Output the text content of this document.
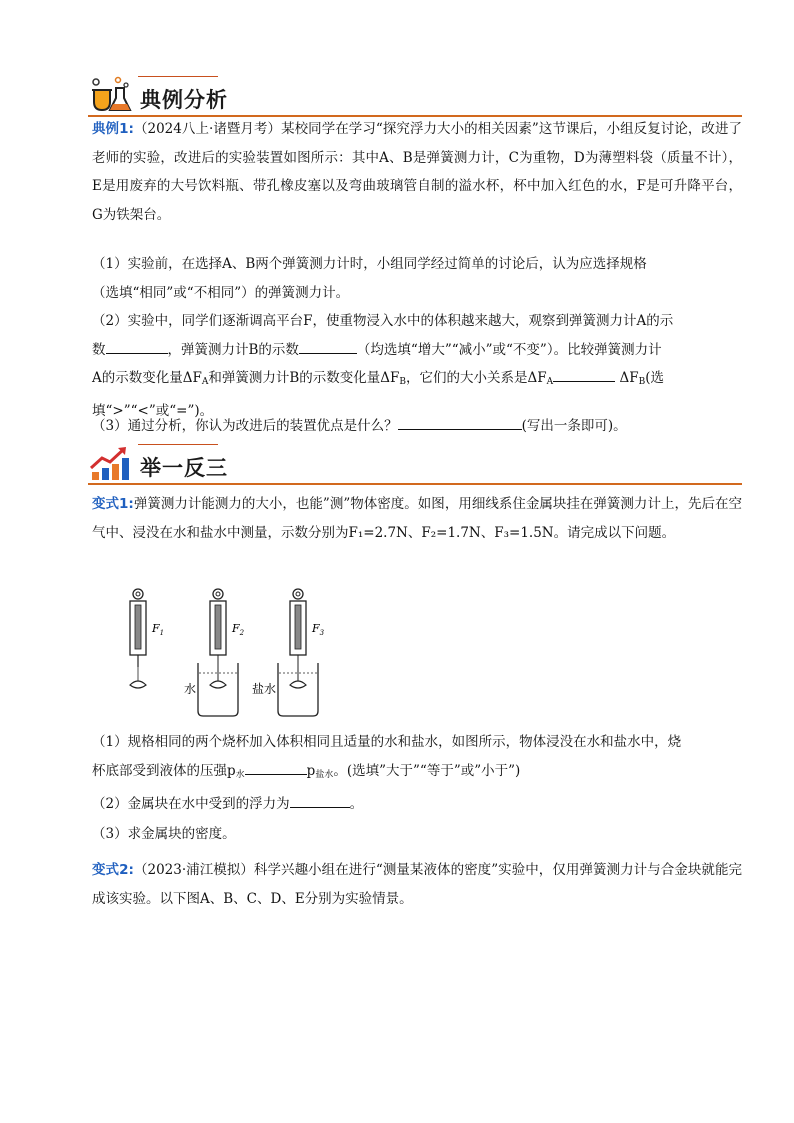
典例分析
典例1:（2024八上·诸暨月考）某校同学在学习“探究浮力大小的相关因素”这节课后，小组反复讨论，改进了老师的实验，改进后的实验装置如图所示：其中A、B是弹簧测力计，C为重物，D为薄塑料袋（质量不计），E是用废弃的大号饮料瓶、带孔橡皮塞以及弯曲玻璃管自制的溢水杯，杯中加入红色的水，F是可升降平台，G为铁架台。
（1）实验前，在选择A、B两个弹簧测力计时，小组同学经过简单的讨论后，认为应选择规格
（选填“相同”或“不相同”）的弹簧测力计。
（2）实验中，同学们逐渐调高平台F，使重物浸入水中的体积越来越大，观察到弹簧测力计A的示
数	，弹簧测力计B的示数	（均选填“增大”“减小”或“不变”）。比较弹簧测力计
A的示数变化量$\Delta F_A$和弹簧测力计B的示数变化量$\Delta F_B$，它们的大小关系是$\Delta F_A$	$\Delta F_B$(选
填“>”“<”或“=”)。
（3）通过分析，你认为改进后的装置优点是什么？	(写出一条即可)。
举一反三
变式1:弹簧测力计能测力的大小，也能”测”物体密度。如图，用细线系住金属块挂在弹簧测力计上，先后在空气中、浸没在水和盐水中测量，示数分别为F₁=2.7N、F₂=1.7N、F₃=1.5N。请完成以下问题。
$F_1$	$F_2$
水
$F_3$
盐水
（1）规格相同的两个烧杯加入体积相同且适量的水和盐水，如图所示，物体浸没在水和盐水中，烧
杯底部受到液体的压强$p_水$	$p_{盐水}$。(选填”大于”“等于”或”小于”)
（2）金属块在水中受到的浮力为	。
（3）求金属块的密度。
变式2:（2023·浦江模拟）科学兴趣小组在进行“测量某液体的密度”实验中，仅用弹簧测力计与合金块就能完成该实验。以下图A、B、C、D、E分别为实验情景。
